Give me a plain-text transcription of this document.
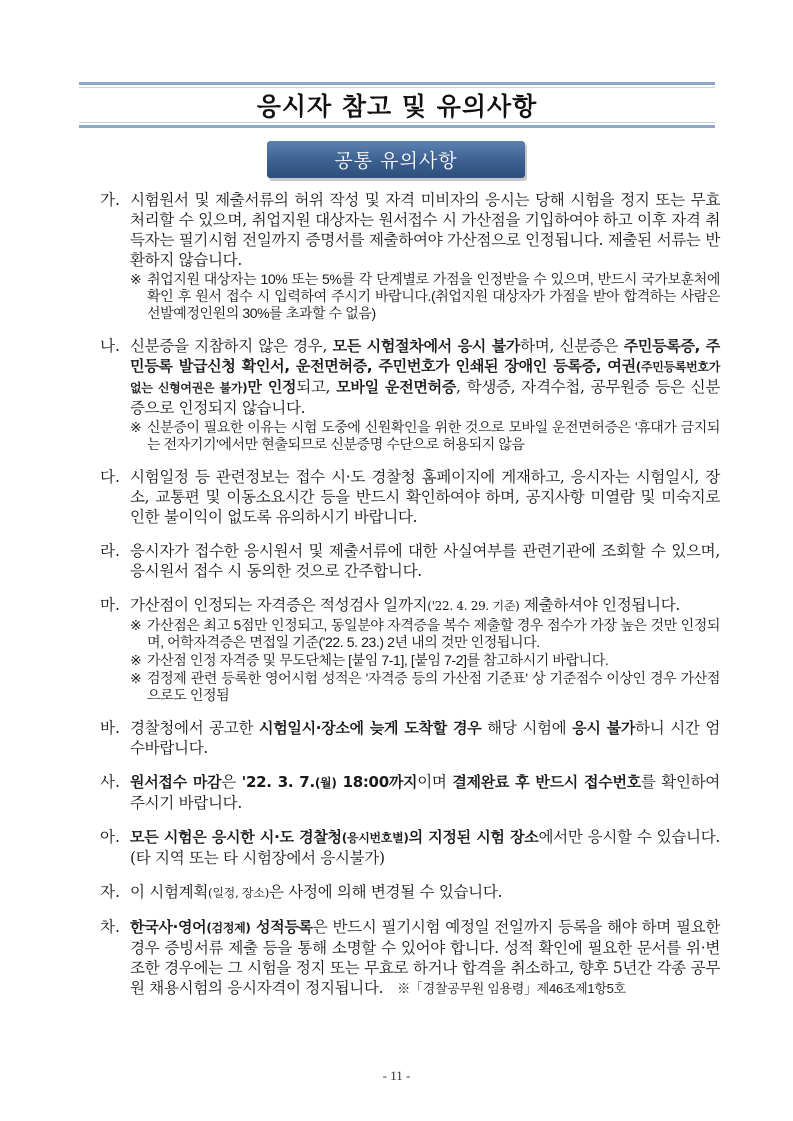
응시자 참고 및 유의사항
공통 유의사항
가. 시험원서 및 제출서류의 허위 작성 및 자격 미비자의 응시는 당해 시험을 정지 또는 무효 처리할 수 있으며, 취업지원 대상자는 원서접수 시 가산점을 기입하여야 하고 이후 자격 취득자는 필기시험 전일까지 증명서를 제출하여야 가산점으로 인정됩니다. 제출된 서류는 반환하지 않습니다.
※ 취업지원 대상자는 10% 또는 5%를 각 단계별로 가점을 인정받을 수 있으며, 반드시 국가보훈처에 확인 후 원서 접수 시 입력하여 주시기 바랍니다.(취업지원 대상자가 가점을 받아 합격하는 사람은 선발예정인원의 30%를 초과할 수 없음)
나. 신분증을 지참하지 않은 경우, 모든 시험절차에서 응시 불가하며, 신분증은 주민등록증, 주민등록 발급신청 확인서, 운전면허증, 주민번호가 인쇄된 장애인 등록증, 여권(주민등록번호가 없는 신형여권은 불가)만 인정되고, 모바일 운전면허증, 학생증, 자격수첩, 공무원증 등은 신분증으로 인정되지 않습니다.
※ 신분증이 필요한 이유는 시험 도중에 신원확인을 위한 것으로 모바일 운전면허증은 '휴대가 금지되는 전자기기'에서만 현출되므로 신분증명 수단으로 허용되지 않음
다. 시험일정 등 관련정보는 접수 시·도 경찰청 홈페이지에 게재하고, 응시자는 시험일시, 장소, 교통편 및 이동소요시간 등을 반드시 확인하여야 하며, 공지사항 미열람 및 미숙지로 인한 불이익이 없도록 유의하시기 바랍니다.
라. 응시자가 접수한 응시원서 및 제출서류에 대한 사실여부를 관련기관에 조회할 수 있으며, 응시원서 접수 시 동의한 것으로 간주합니다.
마. 가산점이 인정되는 자격증은 적성검사 일까지('22. 4. 29. 기준) 제출하셔야 인정됩니다.
※ 가산점은 최고 5점만 인정되고, 동일분야 자격증을 복수 제출할 경우 점수가 가장 높은 것만 인정되며, 어학자격증은 면접일 기준('22. 5. 23.) 2년 내의 것만 인정됩니다.
※ 가산점 인정 자격증 및 무도단체는 [붙임 7-1], [붙임 7-2]를 참고하시기 바랍니다.
※ 검정제 관련 등록한 영어시험 성적은 '자격증 등의 가산점 기준표' 상 기준점수 이상인 경우 가산점으로도 인정됨
바. 경찰청에서 공고한 시험일시·장소에 늦게 도착할 경우 해당 시험에 응시 불가하니 시간 엄수바랍니다.
사. 원서접수 마감은 '22. 3. 7.(월) 18:00까지이며 결제완료 후 반드시 접수번호를 확인하여 주시기 바랍니다.
아. 모든 시험은 응시한 시·도 경찰청(응시번호별)의 지정된 시험 장소에서만 응시할 수 있습니다.(타 지역 또는 타 시험장에서 응시불가)
자. 이 시험계획(일정, 장소)은 사정에 의해 변경될 수 있습니다.
차. 한국사·영어(검정제) 성적등록은 반드시 필기시험 예정일 전일까지 등록을 해야 하며 필요한 경우 증빙서류 제출 등을 통해 소명할 수 있어야 합니다. 성적 확인에 필요한 문서를 위·변조한 경우에는 그 시험을 정지 또는 무효로 하거나 합격을 취소하고, 향후 5년간 각종 공무원 채용시험의 응시자격이 정지됩니다. ※「경찰공무원 임용령」제46조제1항5호
- 11 -
